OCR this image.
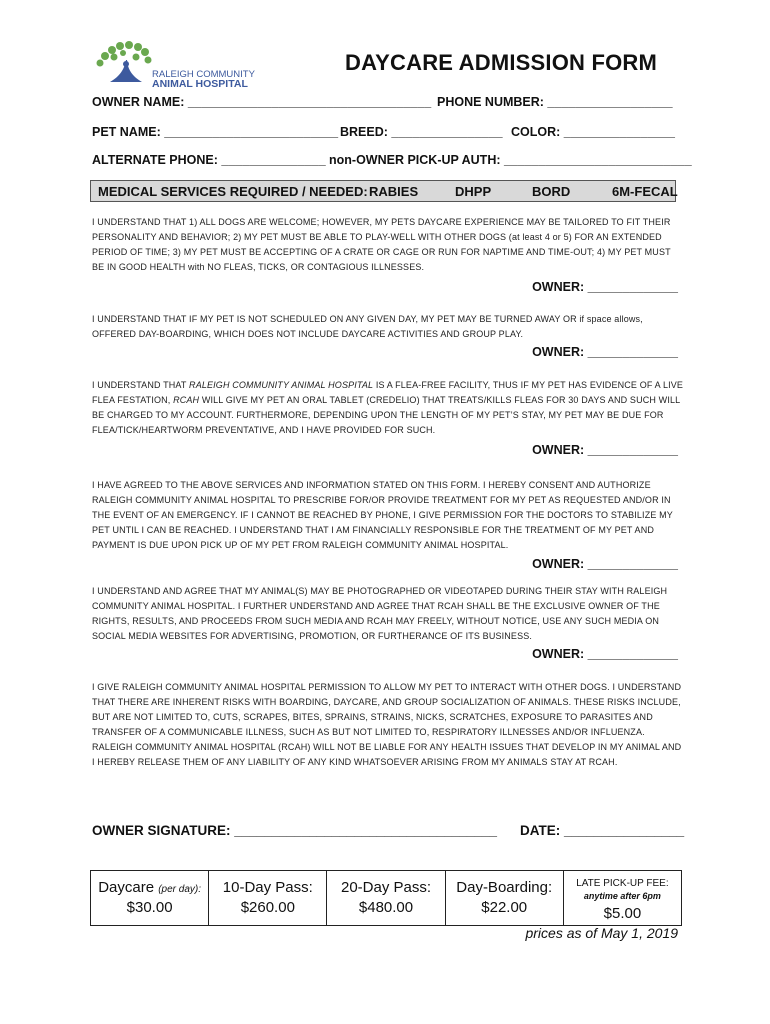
RALEIGH COMMUNITY
ANIMAL HOSPITAL
DAYCARE ADMISSION FORM
OWNER NAME: ___________________________________ PHONE NUMBER: __________________
PET NAME: _________________________ BREED: ________________ COLOR: ________________
ALTERNATE PHONE: _______________ non-OWNER PICK-UP AUTH: ___________________________
MEDICAL SERVICES REQUIRED / NEEDED: RABIES	DHPP	BORD	6M-FECAL
I UNDERSTAND THAT 1) ALL DOGS ARE WELCOME; HOWEVER, MY PETS DAYCARE EXPERIENCE MAY BE TAILORED TO FIT THEIR PERSONALITY AND BEHAVIOR; 2) MY PET MUST BE ABLE TO PLAY-WELL WITH OTHER DOGS (at least 4 or 5) FOR AN EXTENDED PERIOD OF TIME; 3) MY PET MUST BE ACCEPTING OF A CRATE OR CAGE OR RUN FOR NAPTIME AND TIME-OUT; 4) MY PET MUST BE IN GOOD HEALTH with NO FLEAS, TICKS, OR CONTAGIOUS ILLNESSES.
OWNER: _____________
I UNDERSTAND THAT IF MY PET IS NOT SCHEDULED ON ANY GIVEN DAY, MY PET MAY BE TURNED AWAY OR if space allows, OFFERED DAY-BOARDING, WHICH DOES NOT INCLUDE DAYCARE ACTIVITIES AND GROUP PLAY.
OWNER: _____________
I UNDERSTAND THAT RALEIGH COMMUNITY ANIMAL HOSPITAL IS A FLEA-FREE FACILITY, THUS IF MY PET HAS EVIDENCE OF A LIVE FLEA FESTATION, RCAH WILL GIVE MY PET AN ORAL TABLET (CREDELIO) THAT TREATS/KILLS FLEAS FOR 30 DAYS AND SUCH WILL BE CHARGED TO MY ACCOUNT. FURTHERMORE, DEPENDING UPON THE LENGTH OF MY PET’S STAY, MY PET MAY BE DUE FOR FLEA/TICK/HEARTWORM PREVENTATIVE, AND I HAVE PROVIDED FOR SUCH.
OWNER: _____________
I HAVE AGREED TO THE ABOVE SERVICES AND INFORMATION STATED ON THIS FORM. I HEREBY CONSENT AND AUTHORIZE RALEIGH COMMUNITY ANIMAL HOSPITAL TO PRESCRIBE FOR/OR PROVIDE TREATMENT FOR MY PET AS REQUESTED AND/OR IN THE EVENT OF AN EMERGENCY. IF I CANNOT BE REACHED BY PHONE, I GIVE PERMISSION FOR THE DOCTORS TO STABILIZE MY PET UNTIL I CAN BE REACHED. I UNDERSTAND THAT I AM FINANCIALLY RESPONSIBLE FOR THE TREATMENT OF MY PET AND PAYMENT IS DUE UPON PICK UP OF MY PET FROM RALEIGH COMMUNITY ANIMAL HOSPITAL.
OWNER: _____________
I UNDERSTAND AND AGREE THAT MY ANIMAL(S) MAY BE PHOTOGRAPHED OR VIDEOTAPED DURING THEIR STAY WITH RALEIGH COMMUNITY ANIMAL HOSPITAL. I FURTHER UNDERSTAND AND AGREE THAT RCAH SHALL BE THE EXCLUSIVE OWNER OF THE RIGHTS, RESULTS, AND PROCEEDS FROM SUCH MEDIA AND RCAH MAY FREELY, WITHOUT NOTICE, USE ANY SUCH MEDIA ON SOCIAL MEDIA WEBSITES FOR ADVERTISING, PROMOTION, OR FURTHERANCE OF ITS BUSINESS.
OWNER: _____________
I GIVE RALEIGH COMMUNITY ANIMAL HOSPITAL PERMISSION TO ALLOW MY PET TO INTERACT WITH OTHER DOGS. I UNDERSTAND THAT THERE ARE INHERENT RISKS WITH BOARDING, DAYCARE, AND GROUP SOCIALIZATION OF ANIMALS. THESE RISKS INCLUDE, BUT ARE NOT LIMITED TO, CUTS, SCRAPES, BITES, SPRAINS, STRAINS, NICKS, SCRATCHES, EXPOSURE TO PARASITES AND TRANSFER OF A COMMUNICABLE ILLNESS, SUCH AS BUT NOT LIMITED TO, RESPIRATORY ILLNESSES AND/OR INFLUENZA. RALEIGH COMMUNITY ANIMAL HOSPITAL (RCAH) WILL NOT BE LIABLE FOR ANY HEALTH ISSUES THAT DEVELOP IN MY ANIMAL AND I HEREBY RELEASE THEM OF ANY LIABILITY OF ANY KIND WHATSOEVER ARISING FROM MY ANIMALS STAY AT RCAH.
OWNER SIGNATURE: ___________________________________ DATE: ________________
Daycare (per day):
$30.00
10-Day Pass:
$260.00
20-Day Pass:
$480.00
Day-Boarding:
$22.00
LATE PICK-UP FEE:
anytime after 6pm
$5.00
prices as of May 1, 2019
